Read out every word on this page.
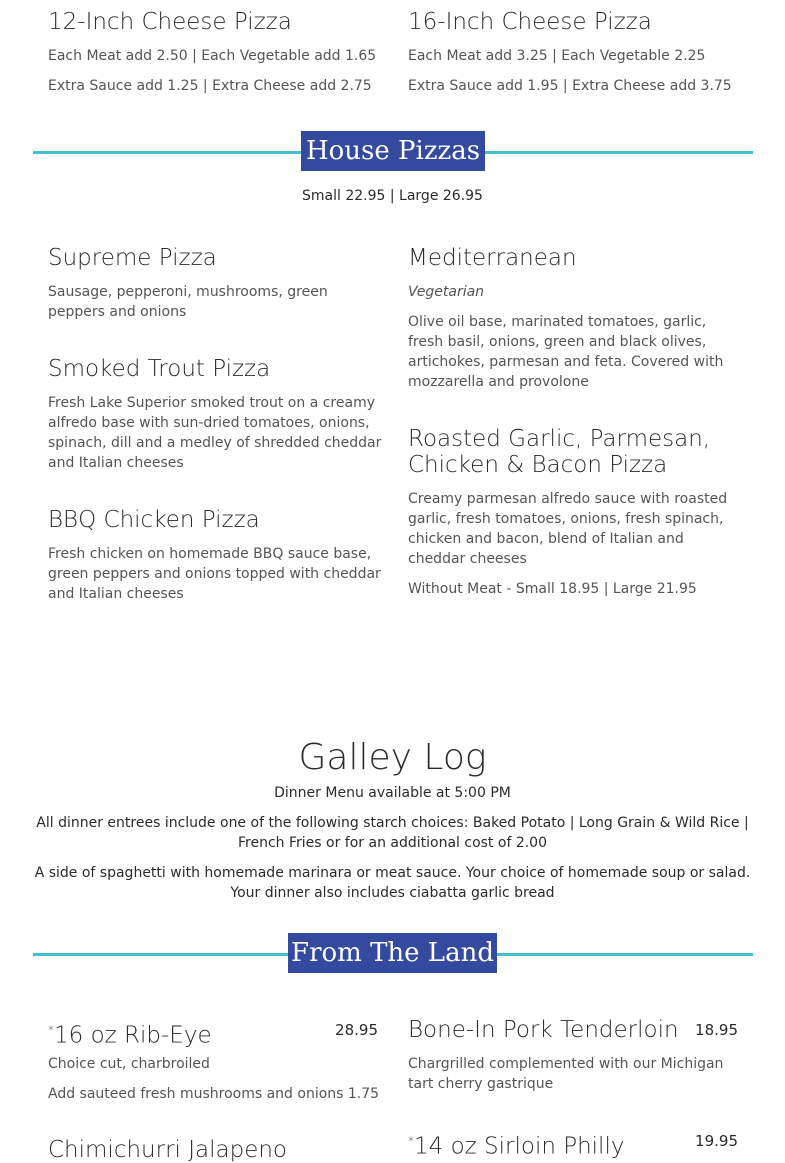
12-Inch Cheese Pizza
Each Meat add 2.50 | Each Vegetable add 1.65
Extra Sauce add 1.25 | Extra Cheese add 2.75
16-Inch Cheese Pizza
Each Meat add 3.25 | Each Vegetable 2.25
Extra Sauce add 1.95 | Extra Cheese add 3.75
House Pizzas
Small 22.95 | Large 26.95
Supreme Pizza
Sausage, pepperoni, mushrooms, green peppers and onions
Smoked Trout Pizza
Fresh Lake Superior smoked trout on a creamy alfredo base with sun-dried tomatoes, onions, spinach, dill and a medley of shredded cheddar and Italian cheeses
BBQ Chicken Pizza
Fresh chicken on homemade BBQ sauce base, green peppers and onions topped with cheddar and Italian cheeses
Mediterranean
Vegetarian
Olive oil base, marinated tomatoes, garlic, fresh basil, onions, green and black olives, artichokes, parmesan and feta. Covered with mozzarella and provolone
Roasted Garlic, Parmesan, Chicken & Bacon Pizza
Creamy parmesan alfredo sauce with roasted garlic, fresh tomatoes, onions, fresh spinach, chicken and bacon, blend of Italian and cheddar cheeses
Without Meat - Small 18.95 | Large 21.95
Galley Log
Dinner Menu available at 5:00 PM
All dinner entrees include one of the following starch choices: Baked Potato | Long Grain & Wild Rice | French Fries or for an additional cost of 2.00
A side of spaghetti with homemade marinara or meat sauce. Your choice of homemade soup or salad. Your dinner also includes ciabatta garlic bread
From The Land
*16 oz Rib-Eye	28.95
Choice cut, charbroiled
Add sauteed fresh mushrooms and onions 1.75
Chimichurri Jalapeno
Bone-In Pork Tenderloin	18.95
Chargrilled complemented with our Michigan tart cherry gastrique
*14 oz Sirloin Philly	19.95
